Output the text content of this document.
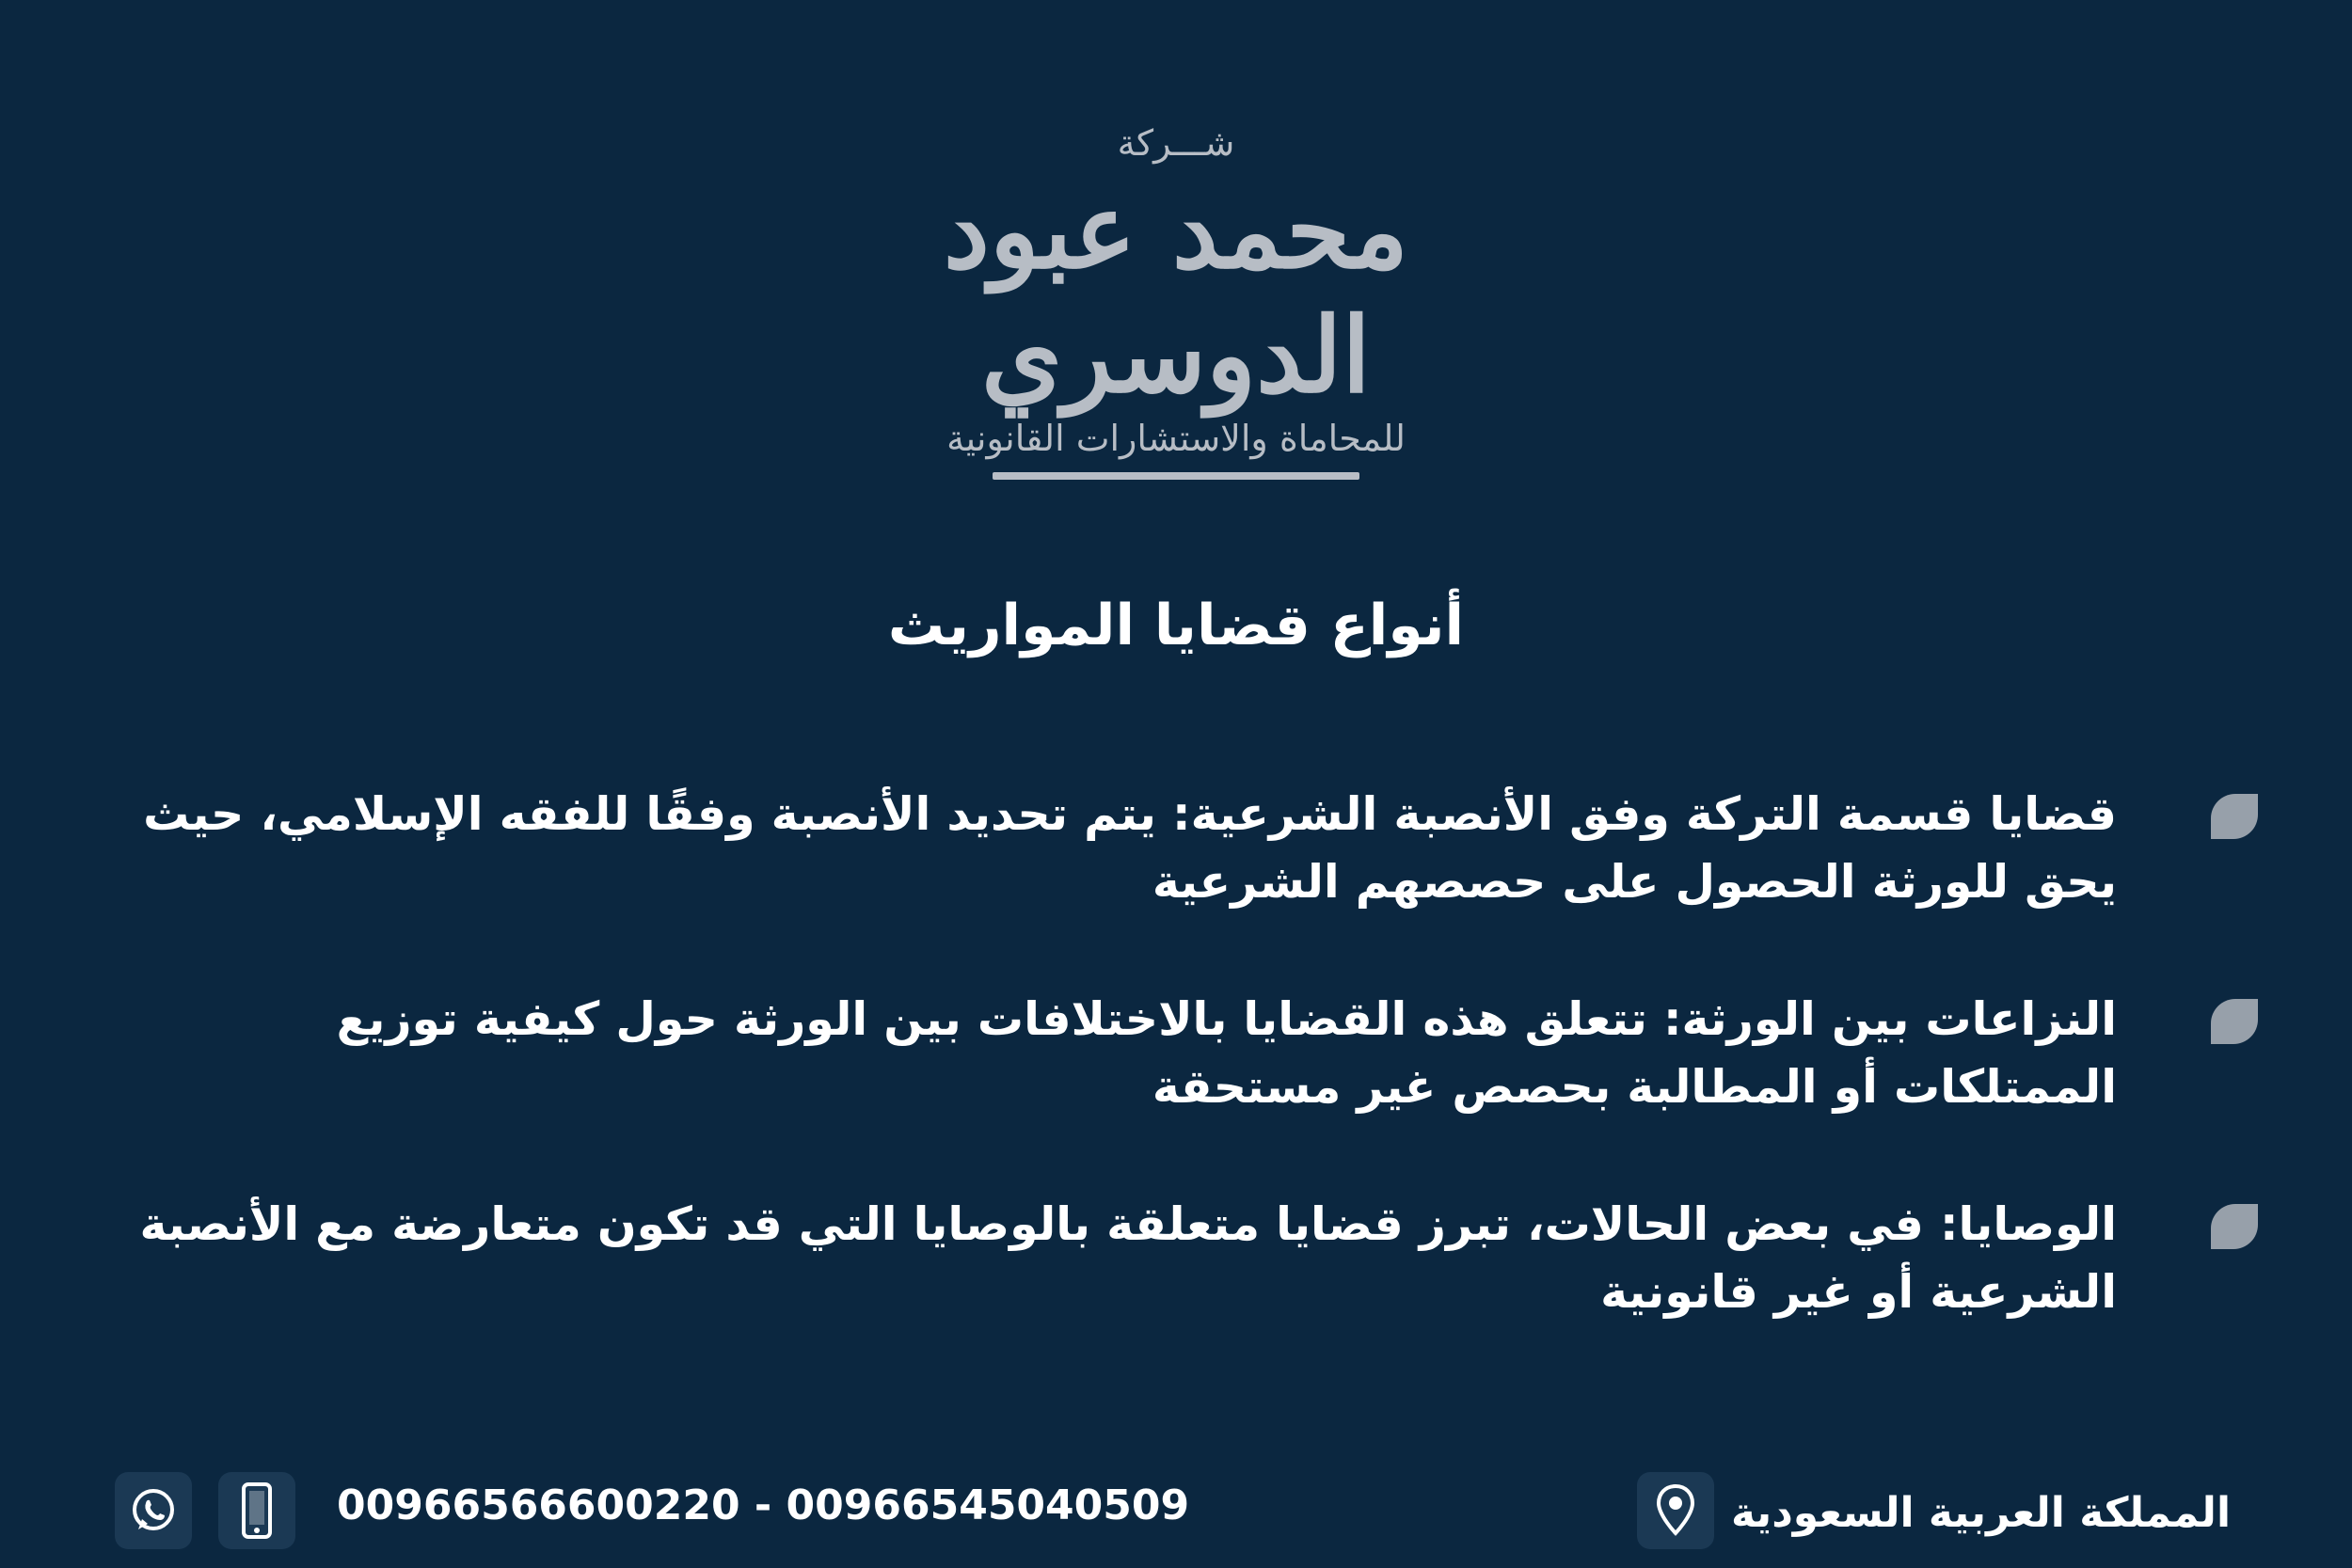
شـــركة
محمد عبود الدوسري
للمحاماة والاستشارات القانونية
أنواع قضايا المواريث
قضايا قسمة التركة وفق الأنصبة الشرعية: يتم تحديد الأنصبة وفقًا للفقه الإسلامي، حيث يحق للورثة الحصول على حصصهم الشرعية
النزاعات بين الورثة: تتعلق هذه القضايا بالاختلافات بين الورثة حول كيفية توزيع الممتلكات أو المطالبة بحصص غير مستحقة
الوصايا: في بعض الحالات، تبرز قضايا متعلقة بالوصايا التي قد تكون متعارضة مع الأنصبة الشرعية أو غير قانونية
00966566600220 - 00966545040509	المملكة العربية السعودية
